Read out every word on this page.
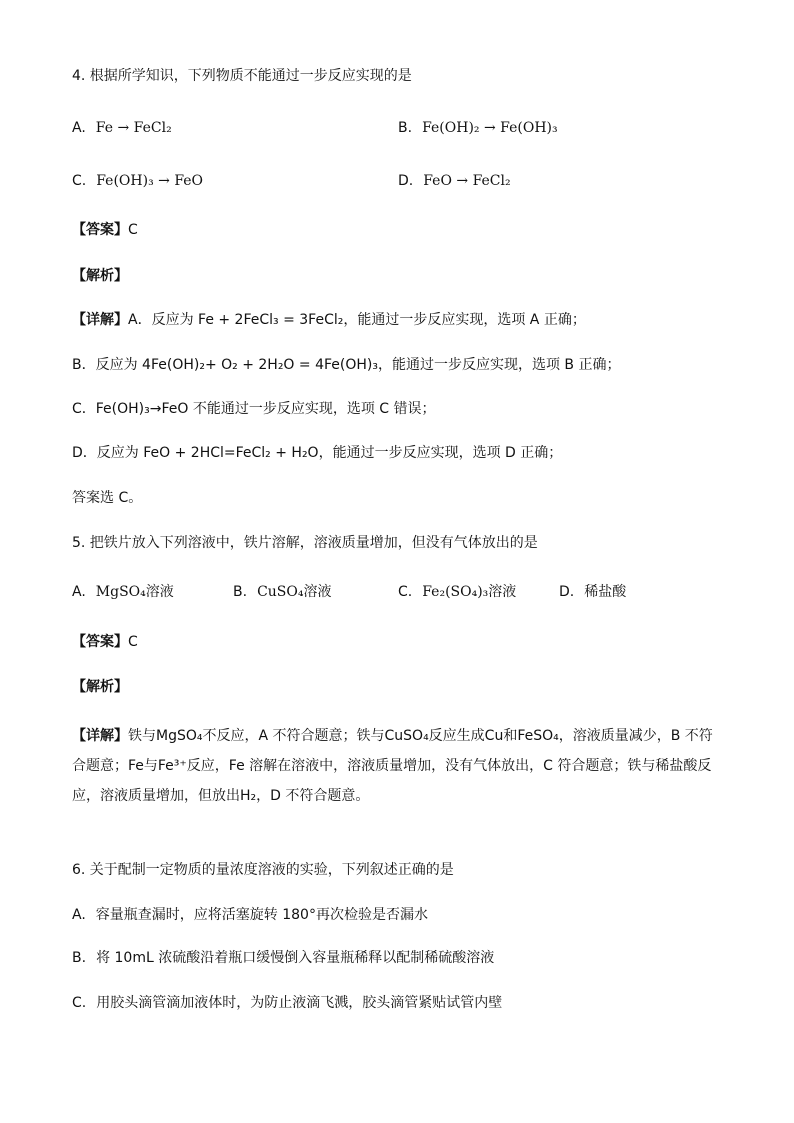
4. 根据所学知识，下列物质不能通过一步反应实现的是
A. Fe → FeCl₂	B. Fe(OH)₂ → Fe(OH)₃
C. Fe(OH)₃ → FeO	D. FeO → FeCl₂
【答案】C
【解析】
【详解】A．反应为 Fe + 2FeCl₃ = 3FeCl₂，能通过一步反应实现，选项 A 正确；
B．反应为 4Fe(OH)₂+ O₂ + 2H₂O = 4Fe(OH)₃，能通过一步反应实现，选项 B 正确；
C．Fe(OH)₃→FeO 不能通过一步反应实现，选项 C 错误；
D．反应为 FeO + 2HCl=FeCl₂ + H₂O，能通过一步反应实现，选项 D 正确；
答案选 C。
5. 把铁片放入下列溶液中，铁片溶解，溶液质量增加，但没有气体放出的是
A. MgSO₄溶液	B. CuSO₄溶液	C. Fe₂(SO₄)₃溶液	D. 稀盐酸
【答案】C
【解析】
【详解】铁与MgSO₄不反应，A 不符合题意；铁与CuSO₄反应生成Cu和FeSO₄，溶液质量减少，B 不符合题意；Fe与Fe³⁺反应，Fe 溶解在溶液中，溶液质量增加，没有气体放出，C 符合题意；铁与稀盐酸反应，溶液质量增加，但放出H₂，D 不符合题意。
6. 关于配制一定物质的量浓度溶液的实验，下列叙述正确的是
A. 容量瓶查漏时，应将活塞旋转 180°再次检验是否漏水
B. 将 10mL 浓硫酸沿着瓶口缓慢倒入容量瓶稀释以配制稀硫酸溶液
C. 用胶头滴管滴加液体时，为防止液滴飞溅，胶头滴管紧贴试管内壁
